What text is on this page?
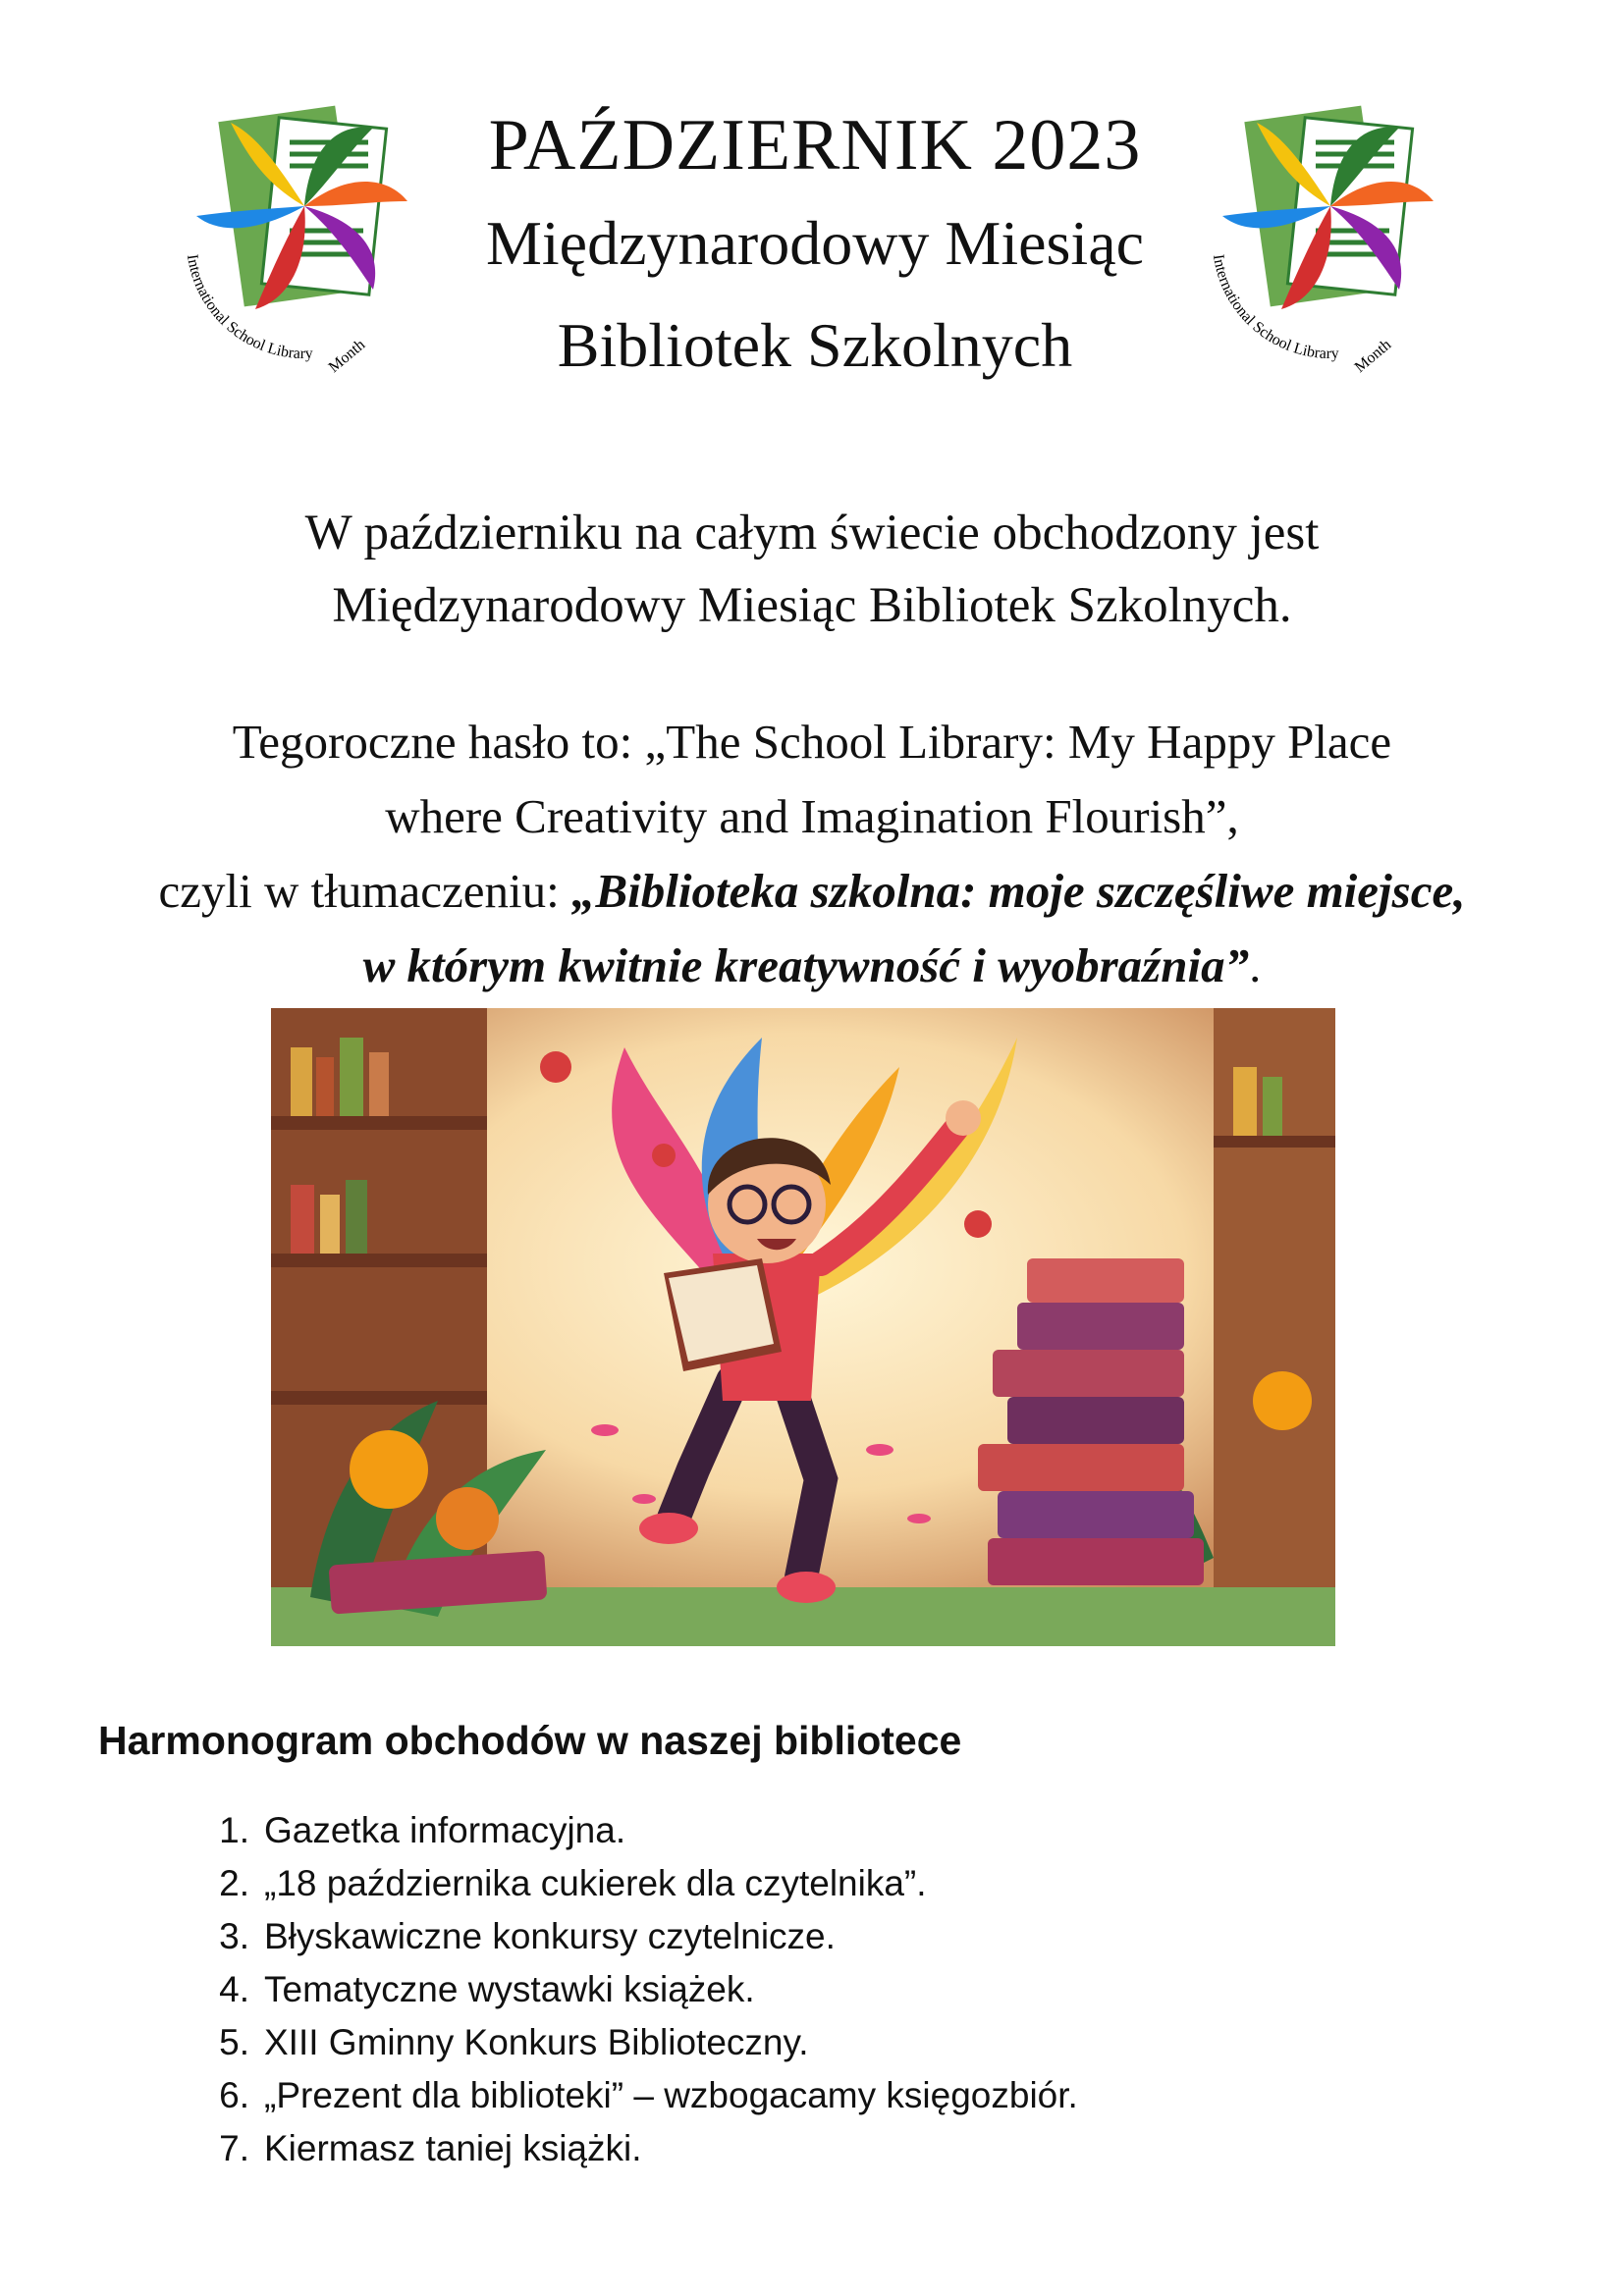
International School Library Month
PAŹDZIERNIK 2023
Międzynarodowy Miesiąc
Bibliotek Szkolnych
International School Library Month
W październiku na całym świecie obchodzony jest
Międzynarodowy Miesiąc Bibliotek Szkolnych.
Tegoroczne hasło to: „The School Library: My Happy Place
where Creativity and Imagination Flourish”,
czyli w tłumaczeniu: „Biblioteka szkolna: moje szczęśliwe miejsce,
w którym kwitnie kreatywność i wyobraźnia”.
Harmonogram obchodów w naszej bibliotece
1. Gazetka informacyjna.
2. „18 października cukierek dla czytelnika”.
3. Błyskawiczne konkursy czytelnicze.
4. Tematyczne wystawki książek.
5. XIII Gminny Konkurs Biblioteczny.
6. „Prezent dla biblioteki” – wzbogacamy księgozbiór.
7. Kiermasz taniej książki.
